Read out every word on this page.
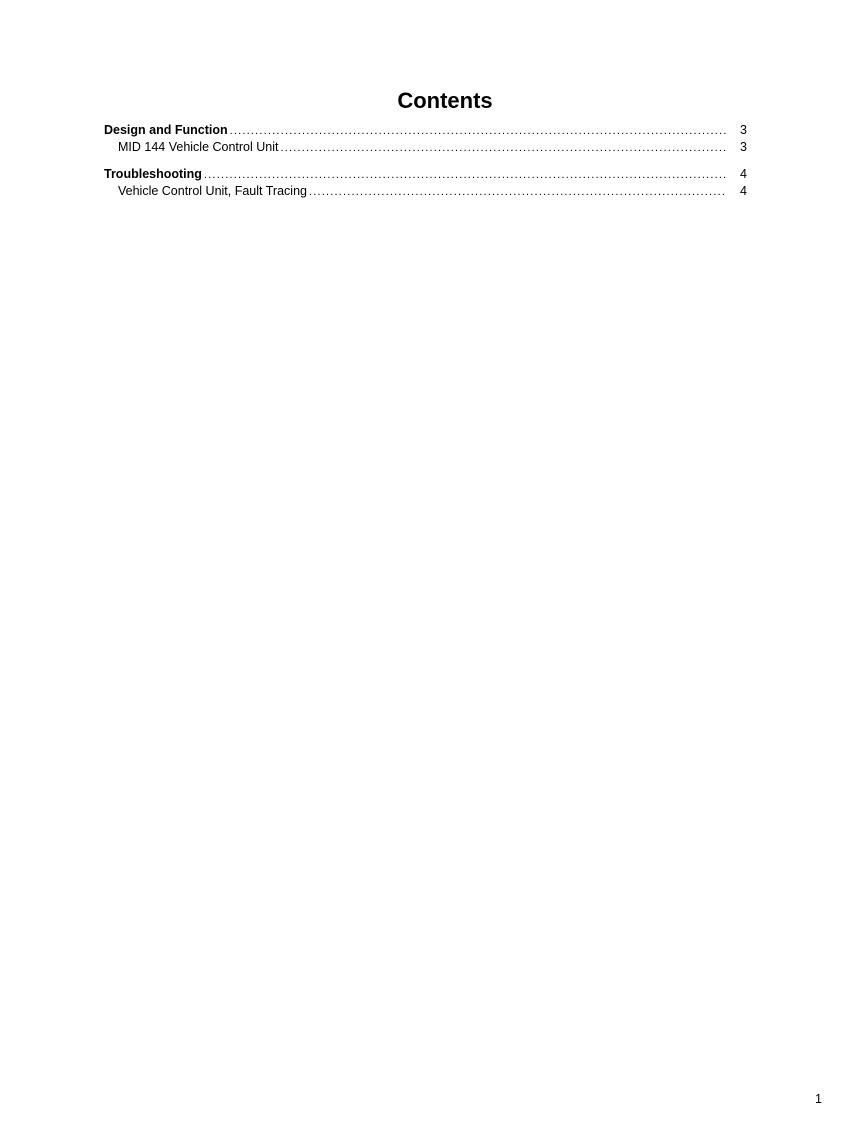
Contents
Design and Function .....	3
MID 144 Vehicle Control Unit .....	3
Troubleshooting .....	4
Vehicle Control Unit, Fault Tracing .....	4
1
